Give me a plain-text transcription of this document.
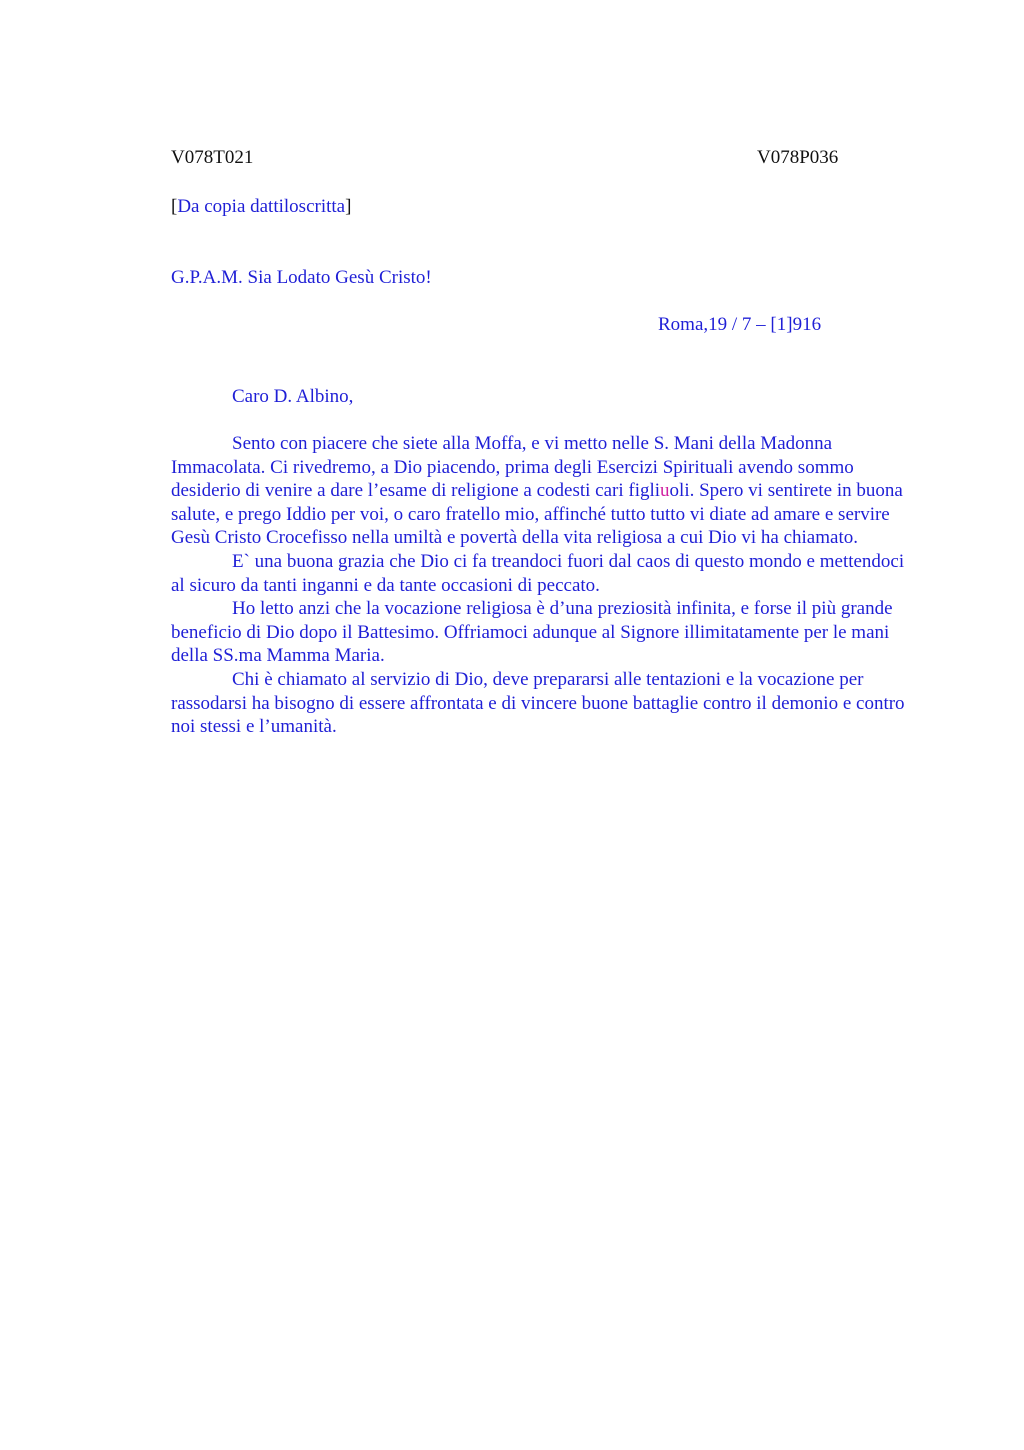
V078T021	V078P036
[Da copia dattiloscritta]
G.P.A.M. Sia Lodato Gesù Cristo!
Roma,19 / 7 – [1]916
Caro D. Albino,

Sento con piacere che siete alla Moffa, e vi metto nelle S. Mani della Madonna Immacolata. Ci rivedremo, a Dio piacendo, prima degli Esercizi Spirituali avendo sommo desiderio di venire a dare l’esame di religione a codesti cari figliuoli. Spero vi sentirete in buona salute, e prego Iddio per voi, o caro fratello mio, affinché tutto tutto vi diate ad amare e servire Gesù Cristo Crocefisso nella umiltà e povertà della vita religiosa a cui Dio vi ha chiamato.

E` una buona grazia che Dio ci fa treandoci fuori dal caos di questo mondo e mettendoci al sicuro da tanti inganni e da tante occasioni di peccato.

Ho letto anzi che la vocazione religiosa è d’una preziosità infinita, e forse il più grande beneficio di Dio dopo il Battesimo. Offriamoci adunque al Signore illimitatamente per le mani della SS.ma Mamma Maria.

Chi è chiamato al servizio di Dio, deve prepararsi alle tentazioni e la vocazione per rassodarsi ha bisogno di essere affrontata e di vincere buone battaglie contro il demonio e contro noi stessi e l’umanità.
